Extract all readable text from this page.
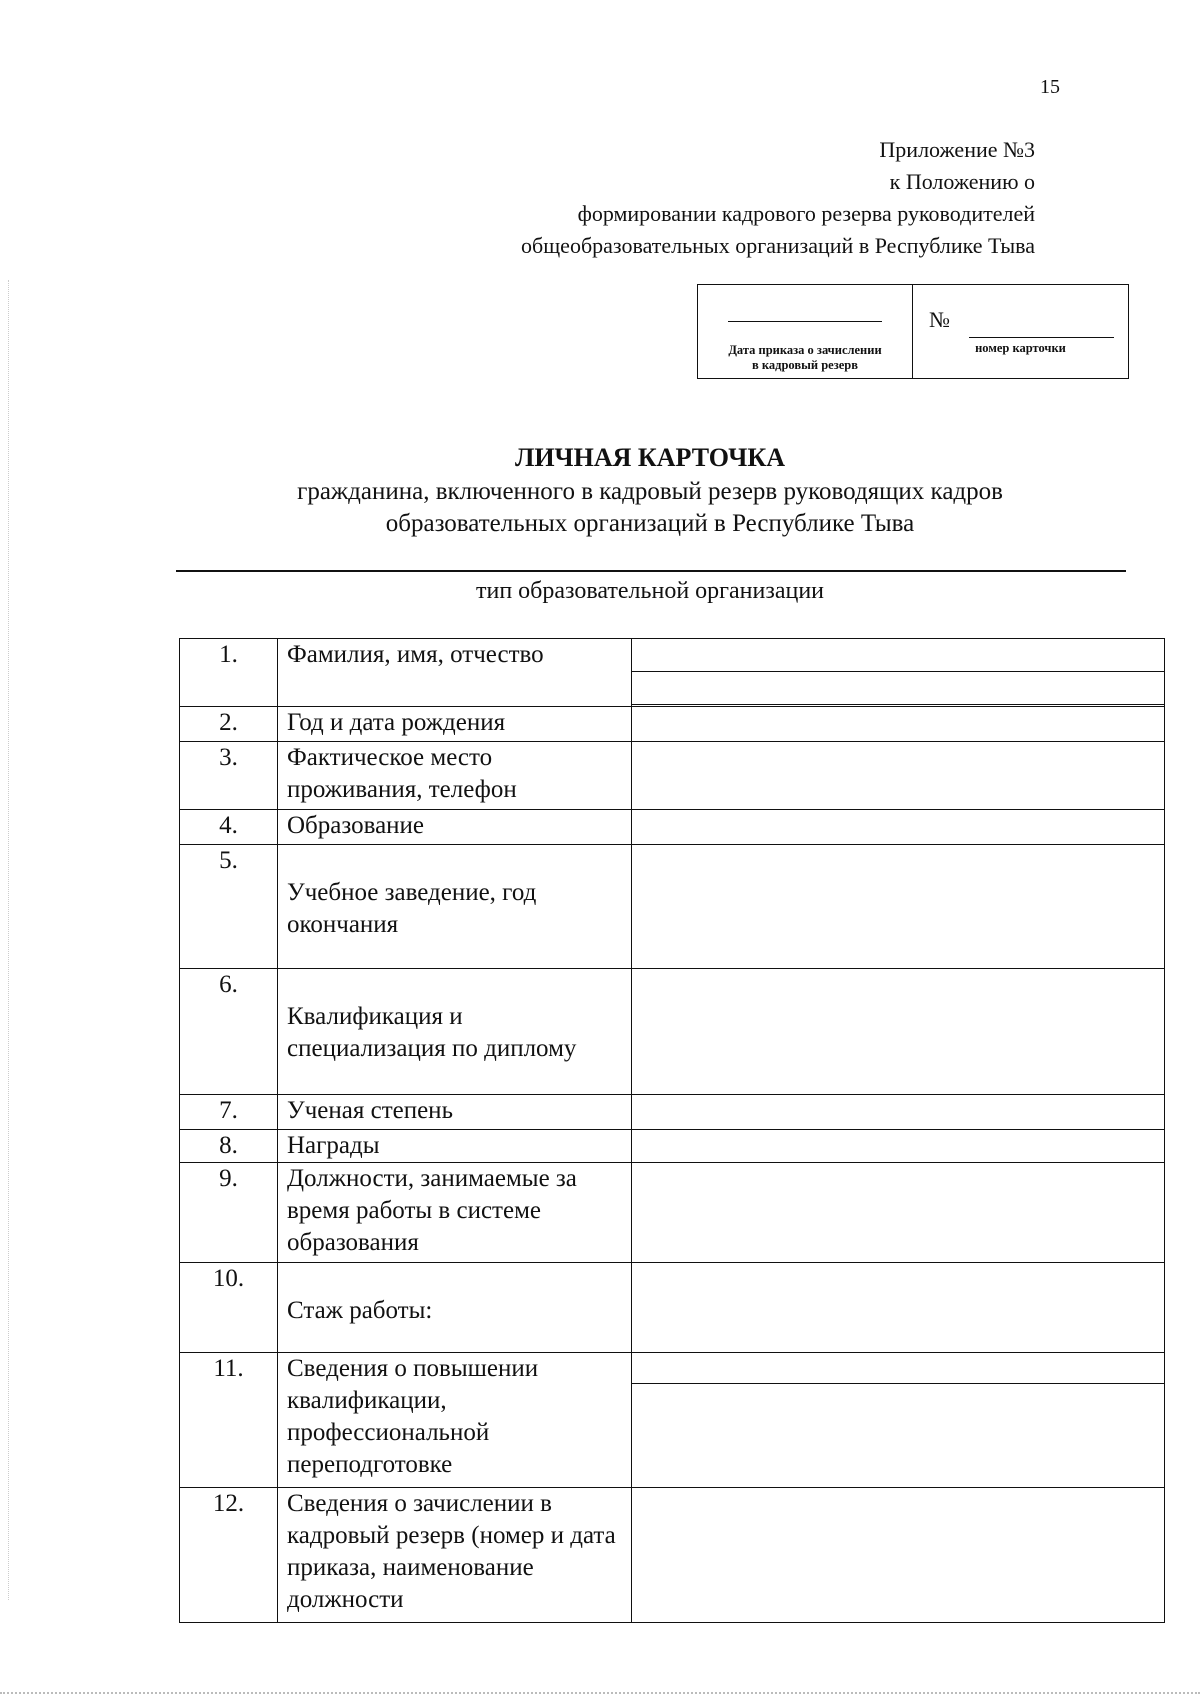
15
Приложение №3
к Положению о
формировании кадрового резерва руководителей
общеобразовательных организаций в Республике Тыва
Дата приказа о зачислении
в кадровый резерв
№
номер карточки
ЛИЧНАЯ КАРТОЧКА
гражданина, включенного в кадровый резерв руководящих кадров
образовательных организаций в Республике Тыва
тип образовательной организации
1.	Фамилия, имя, отчество	

2.	Год и дата рождения	
3.	Фактическое место проживания, телефон	
4.	Образование	
5.	Учебное заведение, год окончания	

6.	Квалификация и специализация по диплому	

7.	Ученая степень	
8.	Награды	
9.	Должности, занимаемые за время работы в системе образования	
10.	Стаж работы:	

11.	Сведения о повышении квалификации, профессиональной переподготовке	

12.	Сведения о зачислении в кадровый резерв (номер и дата приказа, наименование должности	
